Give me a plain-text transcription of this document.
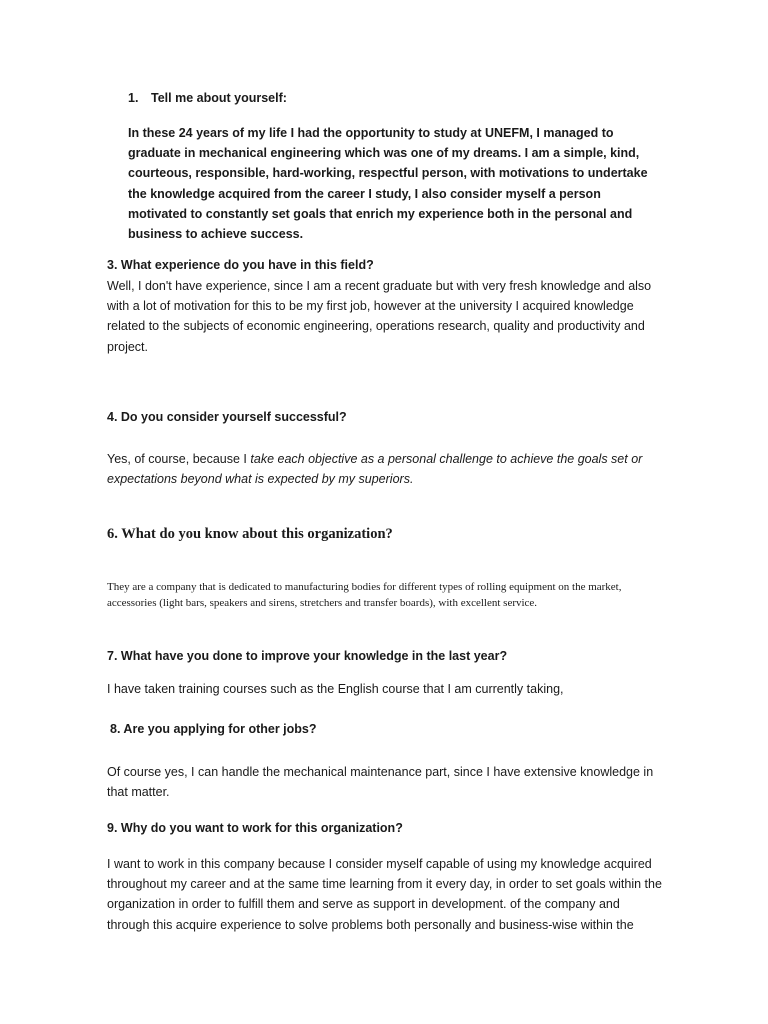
1. Tell me about yourself:

In these 24 years of my life I had the opportunity to study at UNEFM, I managed to graduate in mechanical engineering which was one of my dreams. I am a simple, kind, courteous, responsible, hard-working, respectful person, with motivations to undertake the knowledge acquired from the career I study, I also consider myself a person motivated to constantly set goals that enrich my experience both in the personal and business to achieve success.

3. What experience do you have in this field?

Well, I don't have experience, since I am a recent graduate but with very fresh knowledge and also with a lot of motivation for this to be my first job, however at the university I acquired knowledge related to the subjects of economic engineering, operations research, quality and productivity and project.

4. Do you consider yourself successful?

Yes, of course, because I take each objective as a personal challenge to achieve the goals set or expectations beyond what is expected by my superiors.

6. What do you know about this organization?

They are a company that is dedicated to manufacturing bodies for different types of rolling equipment on the market, accessories (light bars, speakers and sirens, stretchers and transfer boards), with excellent service.

7. What have you done to improve your knowledge in the last year?

I have taken training courses such as the English course that I am currently taking,

8. Are you applying for other jobs?

Of course yes, I can handle the mechanical maintenance part, since I have extensive knowledge in that matter.

9. Why do you want to work for this organization?

I want to work in this company because I consider myself capable of using my knowledge acquired throughout my career and at the same time learning from it every day, in order to set goals within the organization in order to fulfill them and serve as support in development. of the company and through this acquire experience to solve problems both personally and business-wise within the
